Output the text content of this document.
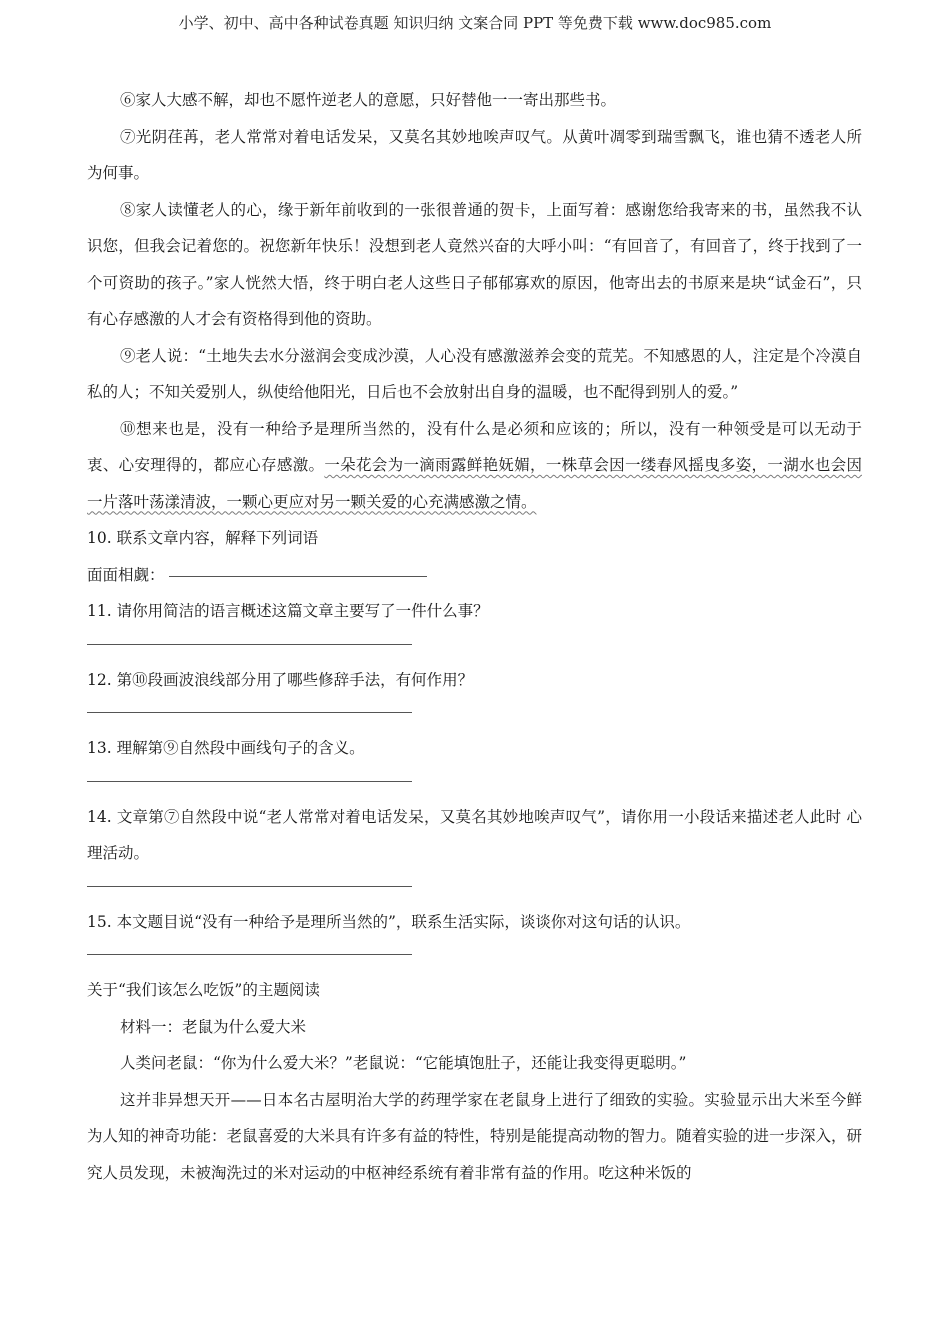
小学、初中、高中各种试卷真题 知识归纳 文案合同 PPT 等免费下载 www.doc985.com

⑥家人大感不解，却也不愿忤逆老人的意愿，只好替他一一寄出那些书。

⑦光阴荏苒，老人常常对着电话发呆，又莫名其妙地唉声叹气。从黄叶凋零到瑞雪飘飞，谁也猜不透老人所为何事。

⑧家人读懂老人的心，缘于新年前收到的一张很普通的贺卡，上面写着：感谢您给我寄来的书，虽然我不认识您，但我会记着您的。祝您新年快乐！没想到老人竟然兴奋的大呼小叫：“有回音了，有回音了，终于找到了一个可资助的孩子。”家人恍然大悟，终于明白老人这些日子郁郁寡欢的原因，他寄出去的书原来是块“试金石”，只有心存感激的人才会有资格得到他的资助。

⑨老人说：“土地失去水分滋润会变成沙漠，人心没有感激滋养会变的荒芜。不知感恩的人，注定是个冷漠自私的人；不知关爱别人，纵使给他阳光，日后也不会放射出自身的温暖，也不配得到别人的爱。”

⑩想来也是，没有一种给予是理所当然的，没有什么是必须和应该的；所以，没有一种领受是可以无动于衷、心安理得的，都应心存感激。一朵花会为一滴雨露鲜艳妩媚，一株草会因一缕春风摇曳多姿，一湖水也会因一片落叶荡漾清波，一颗心更应对另一颗关爱的心充满感激之情。

10. 联系文章内容，解释下列词语

面面相觑：

11. 请你用简洁的语言概述这篇文章主要写了一件什么事？

12. 第⑩段画波浪线部分用了哪些修辞手法，有何作用？

13. 理解第⑨自然段中画线句子的含义。

14. 文章第⑦自然段中说“老人常常对着电话发呆，又莫名其妙地唉声叹气”，请你用一小段话来描述老人此时 心理活动。

15. 本文题目说“没有一种给予是理所当然的”，联系生活实际，谈谈你对这句话的认识。

关于“我们该怎么吃饭”的主题阅读

材料一：老鼠为什么爱大米

人类问老鼠：“你为什么爱大米？”老鼠说：“它能填饱肚子，还能让我变得更聪明。”

这并非异想天开——日本名古屋明治大学的药理学家在老鼠身上进行了细致的实验。实验显示出大米至今鲜为人知的神奇功能：老鼠喜爱的大米具有许多有益的特性，特别是能提高动物的智力。随着实验的进一步深入，研究人员发现，未被淘洗过的米对运动的中枢神经系统有着非常有益的作用。吃这种米饭的
